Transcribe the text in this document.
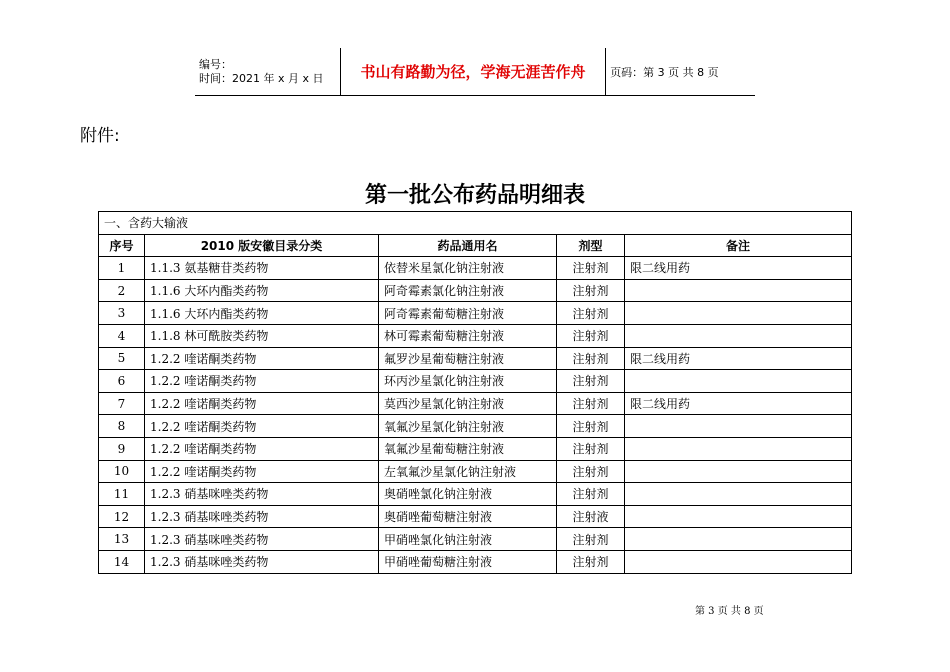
编号：
时间：2021 年 x 月 x 日	书山有路勤为径，学海无涯苦作舟	页码：第 3 页 共 8 页
附件:
第一批公布药品明细表
一、含药大输液				
序号	2010 版安徽目录分类	药品通用名	剂型	备注
1	1.1.3 氨基糖苷类药物	依替米星氯化钠注射液	注射剂	限二线用药
2	1.1.6 大环内酯类药物	阿奇霉素氯化钠注射液	注射剂	
3	1.1.6 大环内酯类药物	阿奇霉素葡萄糖注射液	注射剂	
4	1.1.8 林可酰胺类药物	林可霉素葡萄糖注射液	注射剂	
5	1.2.2 喹诺酮类药物	氟罗沙星葡萄糖注射液	注射剂	限二线用药
6	1.2.2 喹诺酮类药物	环丙沙星氯化钠注射液	注射剂	
7	1.2.2 喹诺酮类药物	莫西沙星氯化钠注射液	注射剂	限二线用药
8	1.2.2 喹诺酮类药物	氧氟沙星氯化钠注射液	注射剂	
9	1.2.2 喹诺酮类药物	氧氟沙星葡萄糖注射液	注射剂	
10	1.2.2 喹诺酮类药物	左氧氟沙星氯化钠注射液	注射剂	
11	1.2.3 硝基咪唑类药物	奥硝唑氯化钠注射液	注射剂	
12	1.2.3 硝基咪唑类药物	奥硝唑葡萄糖注射液	注射液	
13	1.2.3 硝基咪唑类药物	甲硝唑氯化钠注射液	注射剂	
14	1.2.3 硝基咪唑类药物	甲硝唑葡萄糖注射液	注射剂	
第 3 页 共 8 页
